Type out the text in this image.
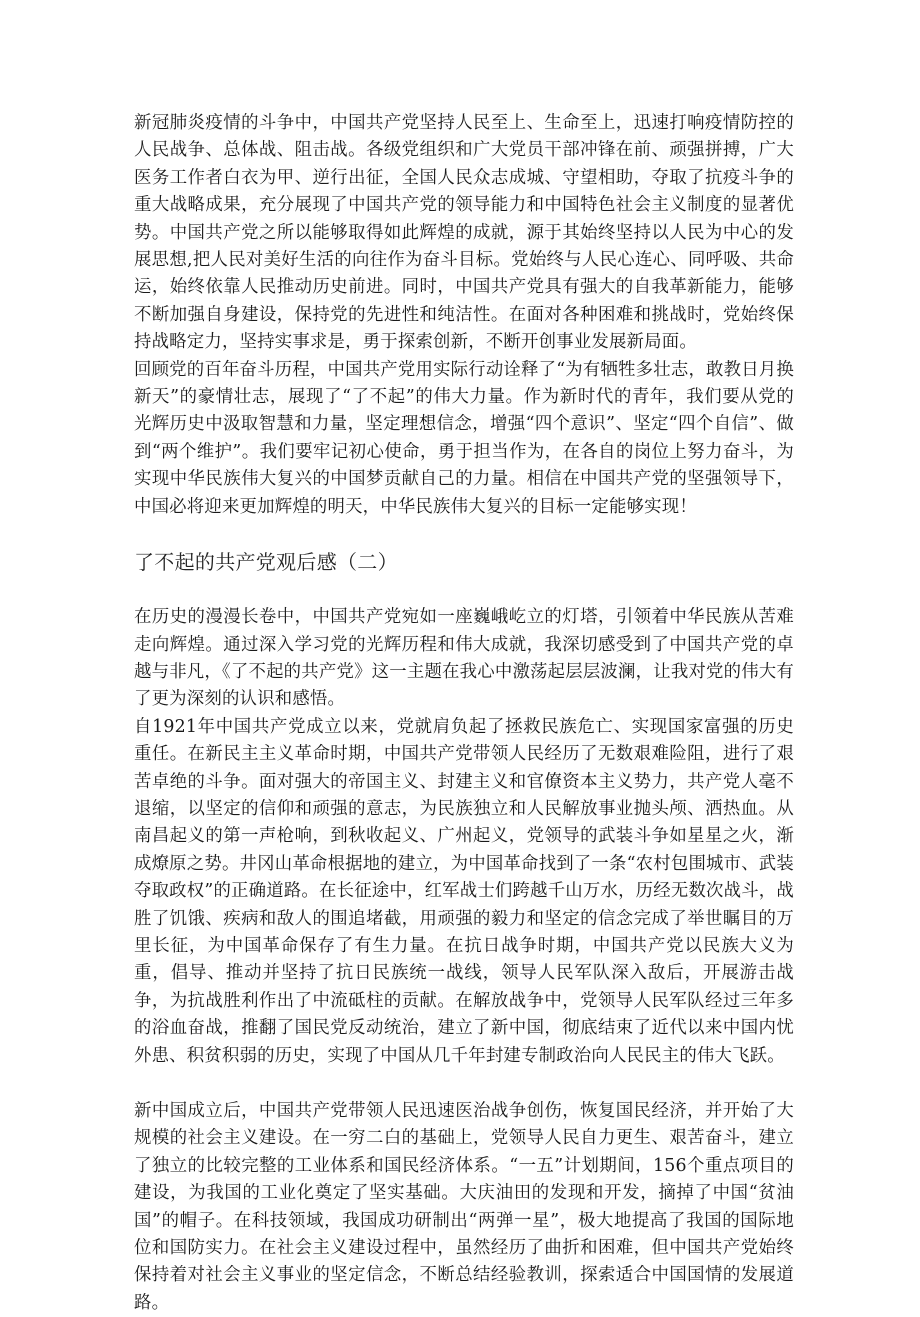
新冠肺炎疫情的斗争中，中国共产党坚持人民至上、生命至上，迅速打响疫情防控的人民战争、总体战、阻击战。各级党组织和广大党员干部冲锋在前、顽强拼搏，广大医务工作者白衣为甲、逆行出征，全国人民众志成城、守望相助，夺取了抗疫斗争的重大战略成果，充分展现了中国共产党的领导能力和中国特色社会主义制度的显著优势。中国共产党之所以能够取得如此辉煌的成就，源于其始终坚持以人民为中心的发展思想,把人民对美好生活的向往作为奋斗目标。党始终与人民心连心、同呼吸、共命运，始终依靠人民推动历史前进。同时，中国共产党具有强大的自我革新能力，能够不断加强自身建设，保持党的先进性和纯洁性。在面对各种困难和挑战时，党始终保持战略定力，坚持实事求是，勇于探索创新，不断开创事业发展新局面。

回顾党的百年奋斗历程，中国共产党用实际行动诠释了“为有牺牲多壮志，敢教日月换新天”的豪情壮志，展现了“了不起”的伟大力量。作为新时代的青年，我们要从党的光辉历史中汲取智慧和力量，坚定理想信念，增强“四个意识”、坚定“四个自信”、做到“两个维护”。我们要牢记初心使命，勇于担当作为，在各自的岗位上努力奋斗，为实现中华民族伟大复兴的中国梦贡献自己的力量。相信在中国共产党的坚强领导下，中国必将迎来更加辉煌的明天，中华民族伟大复兴的目标一定能够实现！

了不起的共产党观后感（二）

在历史的漫漫长卷中，中国共产党宛如一座巍峨屹立的灯塔，引领着中华民族从苦难走向辉煌。通过深入学习党的光辉历程和伟大成就，我深切感受到了中国共产党的卓越与非凡，《了不起的共产党》这一主题在我心中激荡起层层波澜，让我对党的伟大有了更为深刻的认识和感悟。

自1921年中国共产党成立以来，党就肩负起了拯救民族危亡、实现国家富强的历史重任。在新民主主义革命时期，中国共产党带领人民经历了无数艰难险阻，进行了艰苦卓绝的斗争。面对强大的帝国主义、封建主义和官僚资本主义势力，共产党人毫不退缩，以坚定的信仰和顽强的意志，为民族独立和人民解放事业抛头颅、洒热血。从南昌起义的第一声枪响，到秋收起义、广州起义，党领导的武装斗争如星星之火，渐成燎原之势。井冈山革命根据地的建立，为中国革命找到了一条“农村包围城市、武装夺取政权”的正确道路。在长征途中，红军战士们跨越千山万水，历经无数次战斗，战胜了饥饿、疾病和敌人的围追堵截，用顽强的毅力和坚定的信念完成了举世瞩目的万里长征，为中国革命保存了有生力量。在抗日战争时期，中国共产党以民族大义为重，倡导、推动并坚持了抗日民族统一战线，领导人民军队深入敌后，开展游击战争，为抗战胜利作出了中流砥柱的贡献。在解放战争中，党领导人民军队经过三年多的浴血奋战，推翻了国民党反动统治，建立了新中国，彻底结束了近代以来中国内忧外患、积贫积弱的历史，实现了中国从几千年封建专制政治向人民民主的伟大飞跃。

新中国成立后，中国共产党带领人民迅速医治战争创伤，恢复国民经济，并开始了大规模的社会主义建设。在一穷二白的基础上，党领导人民自力更生、艰苦奋斗，建立了独立的比较完整的工业体系和国民经济体系。“一五”计划期间，156个重点项目的建设，为我国的工业化奠定了坚实基础。大庆油田的发现和开发，摘掉了中国“贫油国”的帽子。在科技领域，我国成功研制出“两弹一星”，极大地提高了我国的国际地位和国防实力。在社会主义建设过程中，虽然经历了曲折和困难，但中国共产党始终保持着对社会主义事业的坚定信念，不断总结经验教训，探索适合中国国情的发展道路。
